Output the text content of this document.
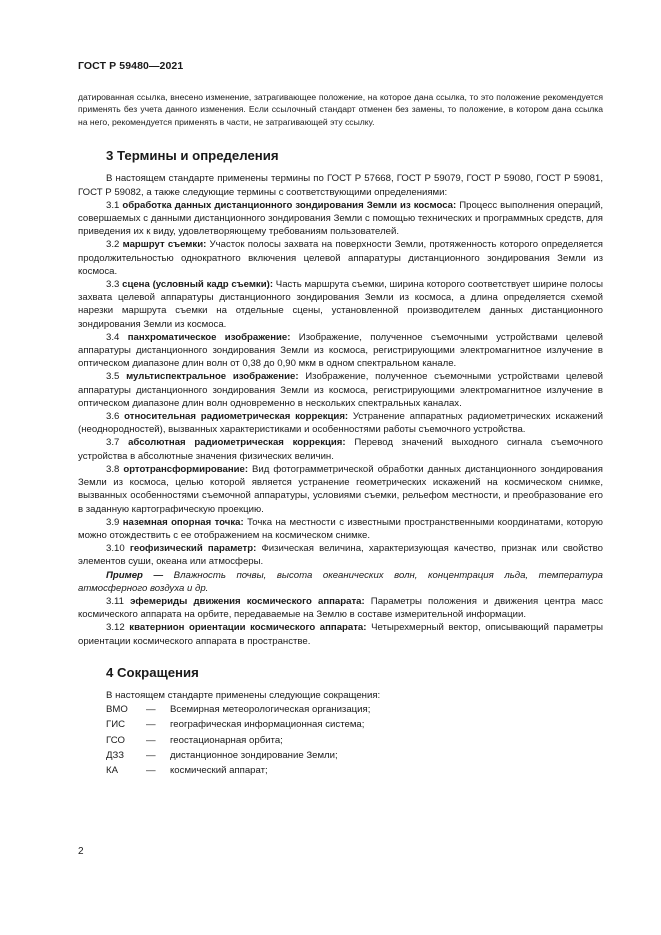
ГОСТ Р 59480—2021

датированная ссылка, внесено изменение, затрагивающее положение, на которое дана ссылка, то это положение рекомендуется применять без учета данного изменения. Если ссылочный стандарт отменен без замены, то положение, в котором дана ссылка на него, рекомендуется применять в части, не затрагивающей эту ссылку.

3 Термины и определения

В настоящем стандарте применены термины по ГОСТ Р 57668, ГОСТ Р 59079, ГОСТ Р 59080, ГОСТ Р 59081, ГОСТ Р 59082, а также следующие термины с соответствующими определениями:

3.1 обработка данных дистанционного зондирования Земли из космоса: Процесс выполнения операций, совершаемых с данными дистанционного зондирования Земли с помощью технических и программных средств, для приведения их к виду, удовлетворяющему требованиям пользователей.

3.2 маршрут съемки: Участок полосы захвата на поверхности Земли, протяженность которого определяется продолжительностью однократного включения целевой аппаратуры дистанционного зондирования Земли из космоса.

3.3 сцена (условный кадр съемки): Часть маршрута съемки, ширина которого соответствует ширине полосы захвата целевой аппаратуры дистанционного зондирования Земли из космоса, а длина определяется схемой нарезки маршрута съемки на отдельные сцены, установленной производителем данных дистанционного зондирования Земли из космоса.

3.4 панхроматическое изображение: Изображение, полученное съемочными устройствами целевой аппаратуры дистанционного зондирования Земли из космоса, регистрирующими электромагнитное излучение в оптическом диапазоне длин волн от 0,38 до 0,90 мкм в одном спектральном канале.

3.5 мультиспектральное изображение: Изображение, полученное съемочными устройствами целевой аппаратуры дистанционного зондирования Земли из космоса, регистрирующими электромагнитное излучение в оптическом диапазоне длин волн одновременно в нескольких спектральных каналах.

3.6 относительная радиометрическая коррекция: Устранение аппаратных радиометрических искажений (неоднородностей), вызванных характеристиками и особенностями работы съемочного устройства.

3.7 абсолютная радиометрическая коррекция: Перевод значений выходного сигнала съемочного устройства в абсолютные значения физических величин.

3.8 ортотрансформирование: Вид фотограмметрической обработки данных дистанционного зондирования Земли из космоса, целью которой является устранение геометрических искажений на космическом снимке, вызванных особенностями съемочной аппаратуры, условиями съемки, рельефом местности, и преобразование его в заданную картографическую проекцию.

3.9 наземная опорная точка: Точка на местности с известными пространственными координатами, которую можно отождествить с ее отображением на космическом снимке.

3.10 геофизический параметр: Физическая величина, характеризующая качество, признак или свойство элементов суши, океана или атмосферы.

Пример — Влажность почвы, высота океанических волн, концентрация льда, температура атмосферного воздуха и др.

3.11 эфемериды движения космического аппарата: Параметры положения и движения центра масс космического аппарата на орбите, передаваемые на Землю в составе измерительной информации.

3.12 кватернион ориентации космического аппарата: Четырехмерный вектор, описывающий параметры ориентации космического аппарата в пространстве.

4 Сокращения

В настоящем стандарте применены следующие сокращения:

ВМО	—	Всемирная метеорологическая организация;
ГИС	—	географическая информационная система;
ГСО	—	геостационарная орбита;
ДЗЗ	—	дистанционное зондирование Земли;
КА	—	космический аппарат;
2
